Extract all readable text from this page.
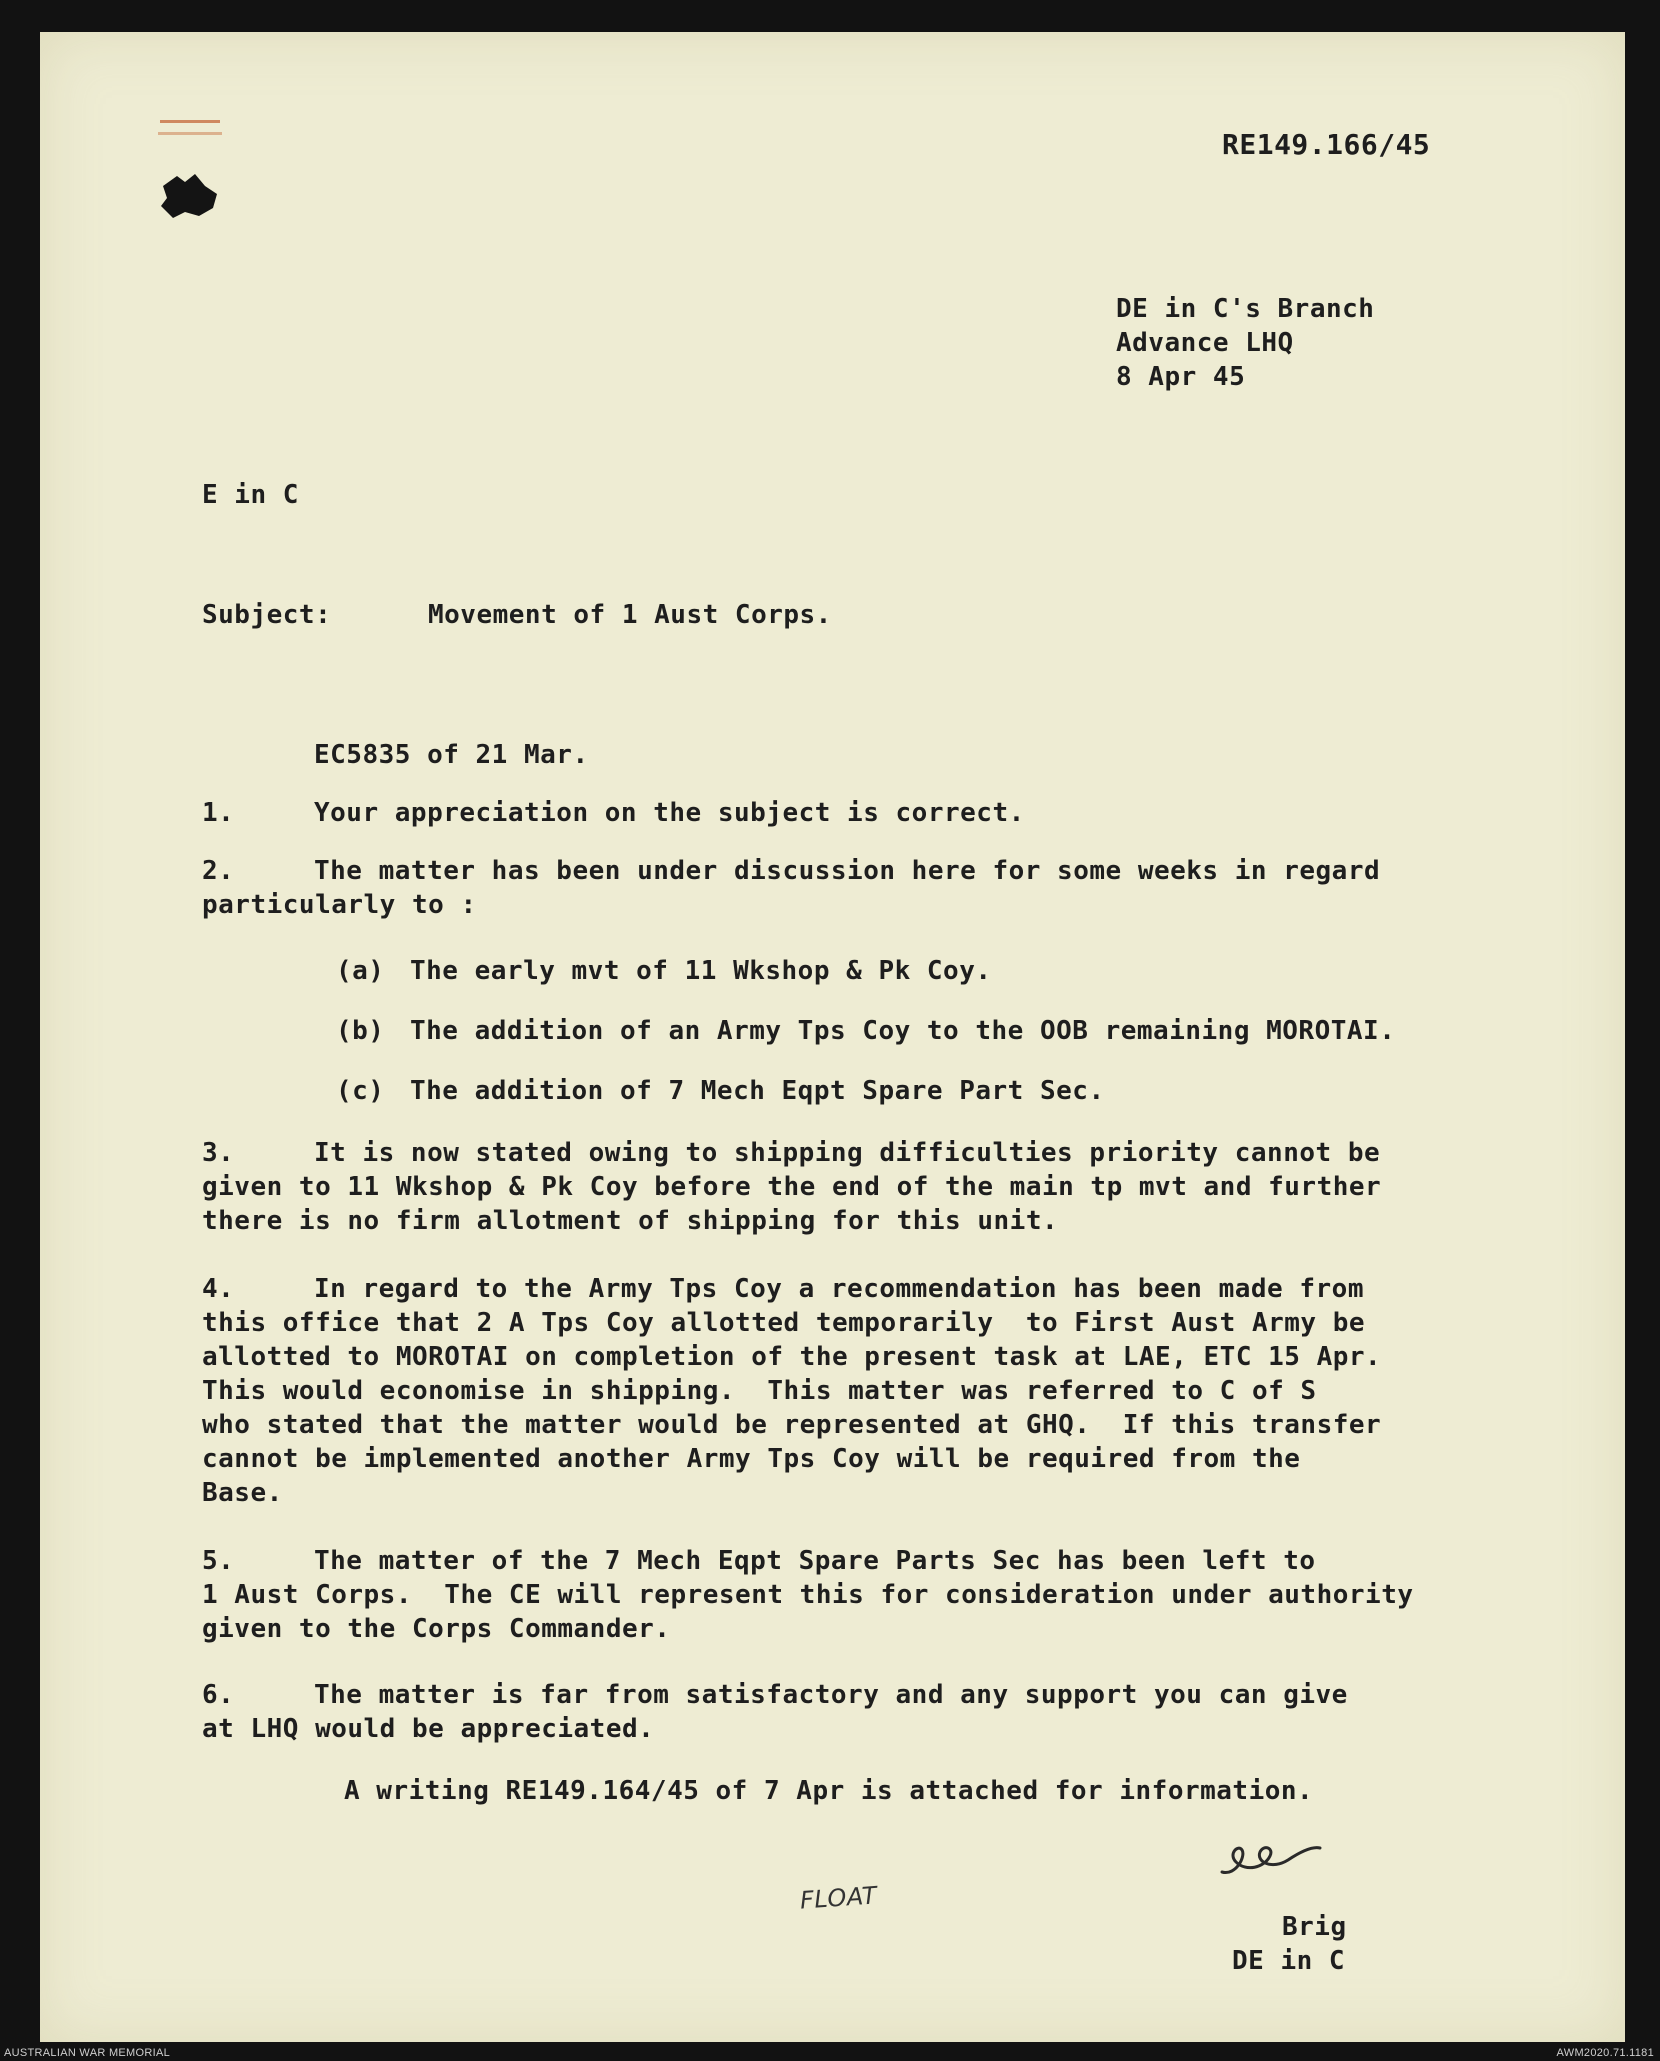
RE149.166/45
DE in C's Branch
Advance LHQ
8 Apr 45
E in C
Subject:	Movement of 1 Aust Corps.
EC5835 of 21 Mar.
1.	Your appreciation on the subject is correct.
2.	The matter has been under discussion here for some weeks in regard
particularly to :
(a) The early mvt of 11 Wkshop & Pk Coy.
(b) The addition of an Army Tps Coy to the OOB remaining MOROTAI.
(c) The addition of 7 Mech Eqpt Spare Part Sec.
3.	It is now stated owing to shipping difficulties priority cannot be
given to 11 Wkshop & Pk Coy before the end of the main tp mvt and further
there is no firm allotment of shipping for this unit.
4.	In regard to the Army Tps Coy a recommendation has been made from
this office that 2 A Tps Coy allotted temporarily  to First Aust Army be
allotted to MOROTAI on completion of the present task at LAE, ETC 15 Apr.
This would economise in shipping.  This matter was referred to C of S
who stated that the matter would be represented at GHQ.  If this transfer
cannot be implemented another Army Tps Coy will be required from the
Base.
5.	The matter of the 7 Mech Eqpt Spare Parts Sec has been left to
1 Aust Corps.  The CE will represent this for consideration under authority
given to the Corps Commander.
6.	The matter is far from satisfactory and any support you can give
at LHQ would be appreciated.
A writing RE149.164/45 of 7 Apr is attached for information.
FLOAT
Brig
DE in C
AUSTRALIAN WAR MEMORIAL	AWM2020.71.1181
